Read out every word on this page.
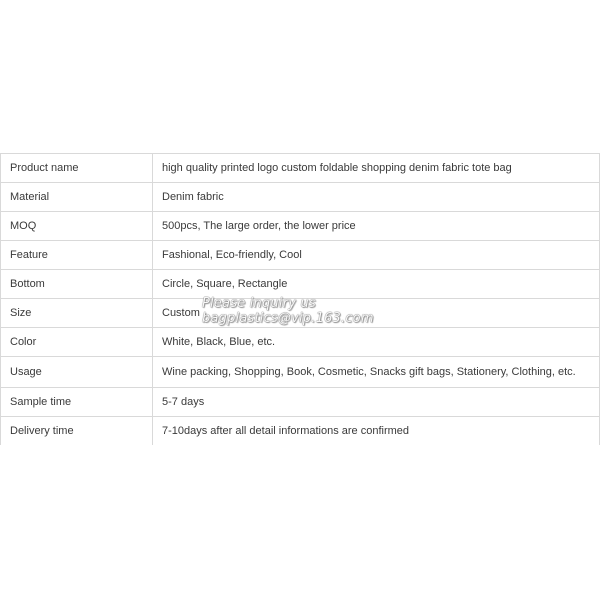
Product name	high quality printed logo custom foldable shopping denim fabric tote bag
Material	Denim fabric
MOQ	500pcs, The large order, the lower price
Feature	Fashional, Eco-friendly, Cool
Bottom	Circle, Square, Rectangle
Size	Custom
Color	White, Black, Blue, etc.
Usage	Wine packing, Shopping, Book, Cosmetic, Snacks gift bags, Stationery, Clothing, etc.
Sample time	5-7 days
Delivery time	7-10days after all detail informations are confirmed
Please inquiry us
bagplastics@vip.163.com
